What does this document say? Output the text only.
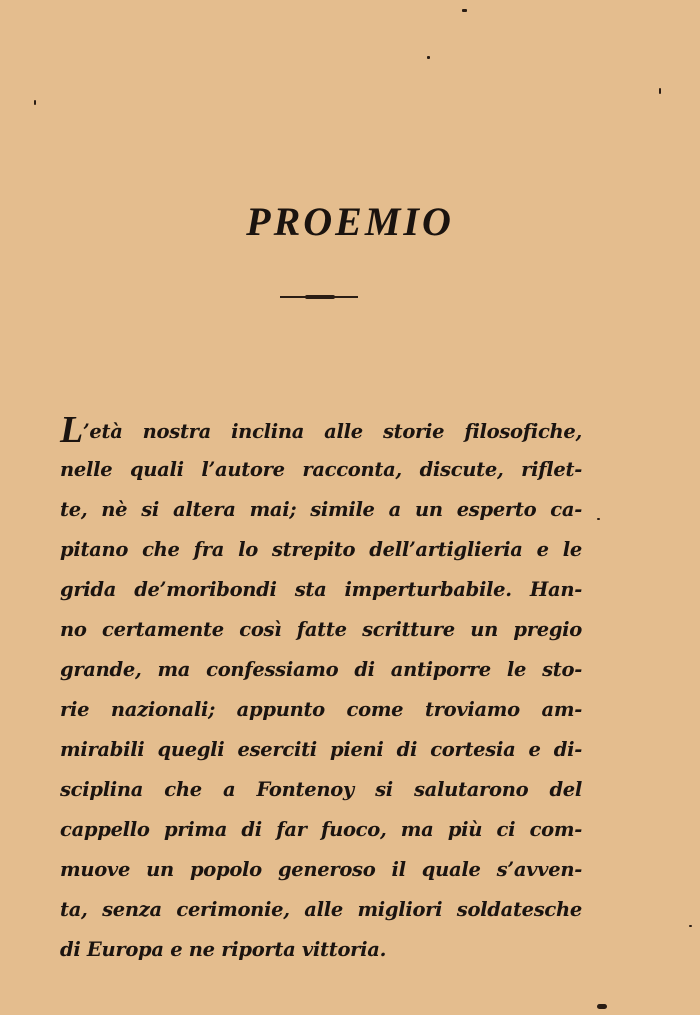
PROEMIO
L’età nostra inclina alle storie filosofiche,
nelle quali l’autore racconta, discute, riflet-
te, nè si altera mai; simile a un esperto ca-
pitano che fra lo strepito dell’artiglieria e le
grida de’moribondi sta imperturbabile. Han-
no certamente così fatte scritture un pregio
grande, ma confessiamo di antiporre le sto-
rie nazionali; appunto come troviamo am-
mirabili quegli eserciti pieni di cortesia e di-
sciplina che a Fontenoy si salutarono del
cappello prima di far fuoco, ma più ci com-
muove un popolo generoso il quale s’avven-
ta, senza cerimonie, alle migliori soldatesche
di Europa e ne riporta vittoria.
